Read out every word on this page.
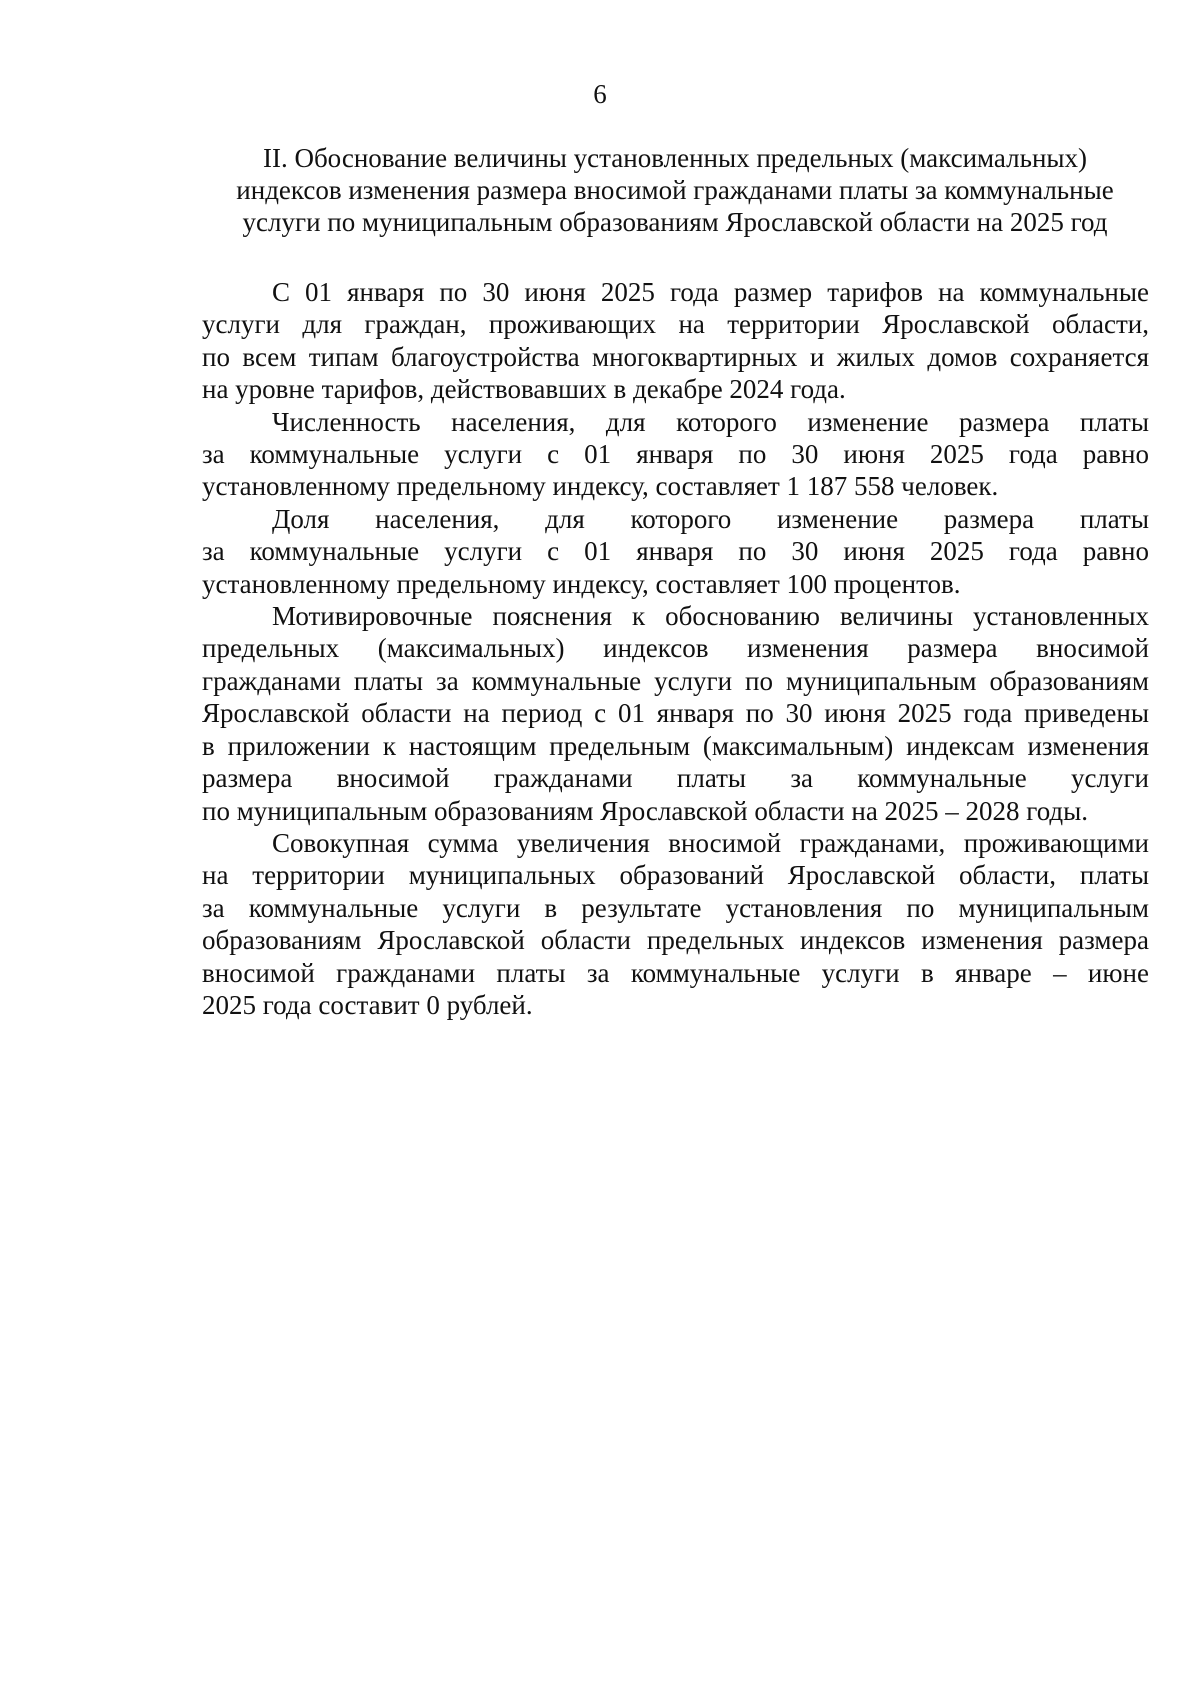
6
II. Обоснование величины установленных предельных (максимальных)
индексов изменения размера вносимой гражданами платы за коммунальные
услуги по муниципальным образованиям Ярославской области на 2025 год
С 01 января по 30 июня 2025 года размер тарифов на коммунальные
услуги для граждан, проживающих на территории Ярославской области,
по всем типам благоустройства многоквартирных и жилых домов сохраняется
на уровне тарифов, действовавших в декабре 2024 года.
Численность населения, для которого изменение размера платы
за коммунальные услуги с 01 января по 30 июня 2025 года равно
установленному предельному индексу, составляет 1 187 558 человек.
Доля населения, для которого изменение размера платы
за коммунальные услуги с 01 января по 30 июня 2025 года равно
установленному предельному индексу, составляет 100 процентов.
Мотивировочные пояснения к обоснованию величины установленных
предельных (максимальных) индексов изменения размера вносимой
гражданами платы за коммунальные услуги по муниципальным образованиям
Ярославской области на период с 01 января по 30 июня 2025 года приведены
в приложении к настоящим предельным (максимальным) индексам изменения
размера вносимой гражданами платы за коммунальные услуги
по муниципальным образованиям Ярославской области на 2025 – 2028 годы.
Совокупная сумма увеличения вносимой гражданами, проживающими
на территории муниципальных образований Ярославской области, платы
за коммунальные услуги в результате установления по муниципальным
образованиям Ярославской области предельных индексов изменения размера
вносимой гражданами платы за коммунальные услуги в январе – июне
2025 года составит 0 рублей.
